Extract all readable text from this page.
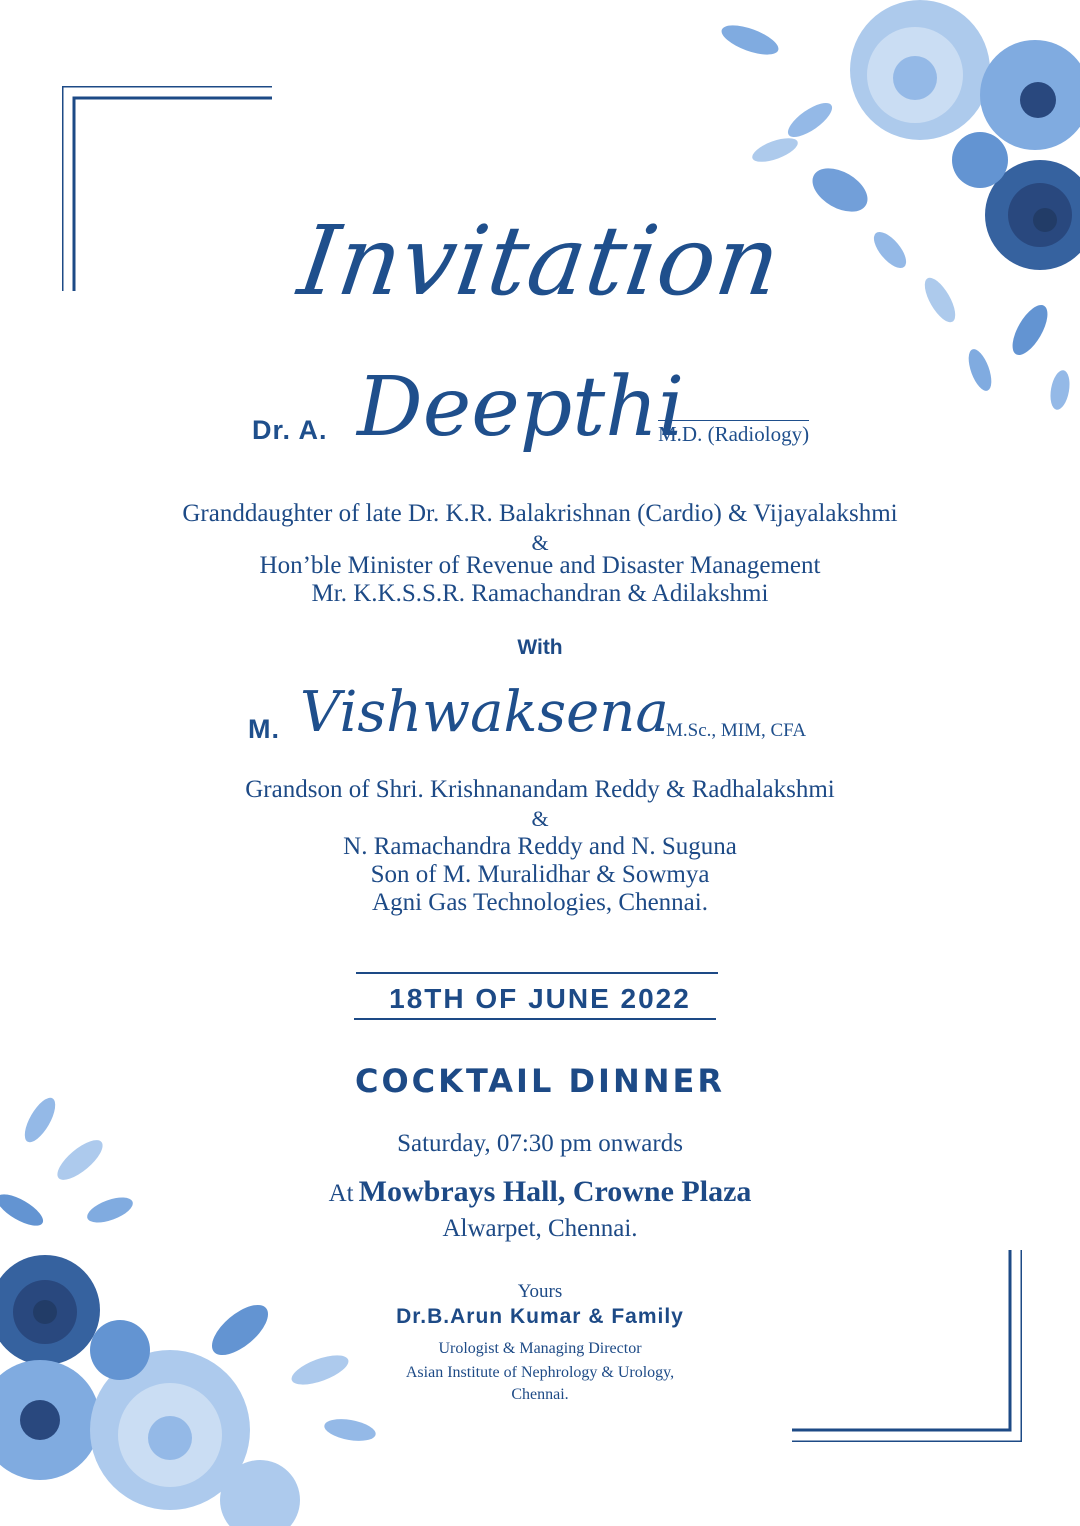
Invitation
Dr. A. Deepthi
M.D. (Radiology)
Granddaughter of late Dr. K.R. Balakrishnan (Cardio) & Vijayalakshmi
&
Hon’ble Minister of Revenue and Disaster Management
Mr. K.K.S.S.R. Ramachandran & Adilakshmi
With
M. Vishwaksena
M.Sc., MIM, CFA
Grandson of Shri. Krishnanandam Reddy & Radhalakshmi
&
N. Ramachandra Reddy and N. Suguna
Son of M. Muralidhar & Sowmya
Agni Gas Technologies, Chennai.
18TH OF JUNE 2022
COCKTAIL DINNER
Saturday, 07:30 pm onwards
At Mowbrays Hall, Crowne Plaza
Alwarpet, Chennai.
Yours
Dr.B.Arun Kumar & Family
Urologist & Managing Director
Asian Institute of Nephrology & Urology,
Chennai.
